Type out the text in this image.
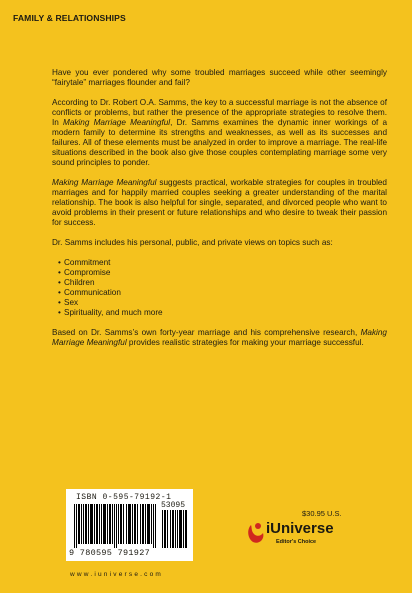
FAMILY & RELATIONSHIPS

Have you ever pondered why some troubled marriages succeed while other seemingly “fairytale” marriages flounder and fail?

According to Dr. Robert O.A. Samms, the key to a successful marriage is not the absence of conflicts or problems, but rather the presence of the appropriate strategies to resolve them. In Making Marriage Meaningful, Dr. Samms examines the dynamic inner workings of a modern family to determine its strengths and weaknesses, as well as its successes and failures. All of these elements must be analyzed in order to improve a marriage. The real-life situations described in the book also give those couples contemplating marriage some very sound principles to ponder.

Making Marriage Meaningful suggests practical, workable strategies for couples in troubled marriages and for happily married couples seeking a greater understanding of the marital relationship. The book is also helpful for single, separated, and divorced people who want to avoid problems in their present or future relationships and who desire to tweak their passion for success.

Dr. Samms includes his personal, public, and private views on topics such as:

• Commitment
• Compromise
• Children
• Communication
• Sex
• Spirituality, and much more

Based on Dr. Samms’s own forty-year marriage and his comprehensive research, Making Marriage Meaningful provides realistic strategies for making your marriage successful.

ISBN 0-595-79192-1
53095
9 780595 791927
www.iuniverse.com
$30.95 U.S.
iUniverse
Editor's Choice
